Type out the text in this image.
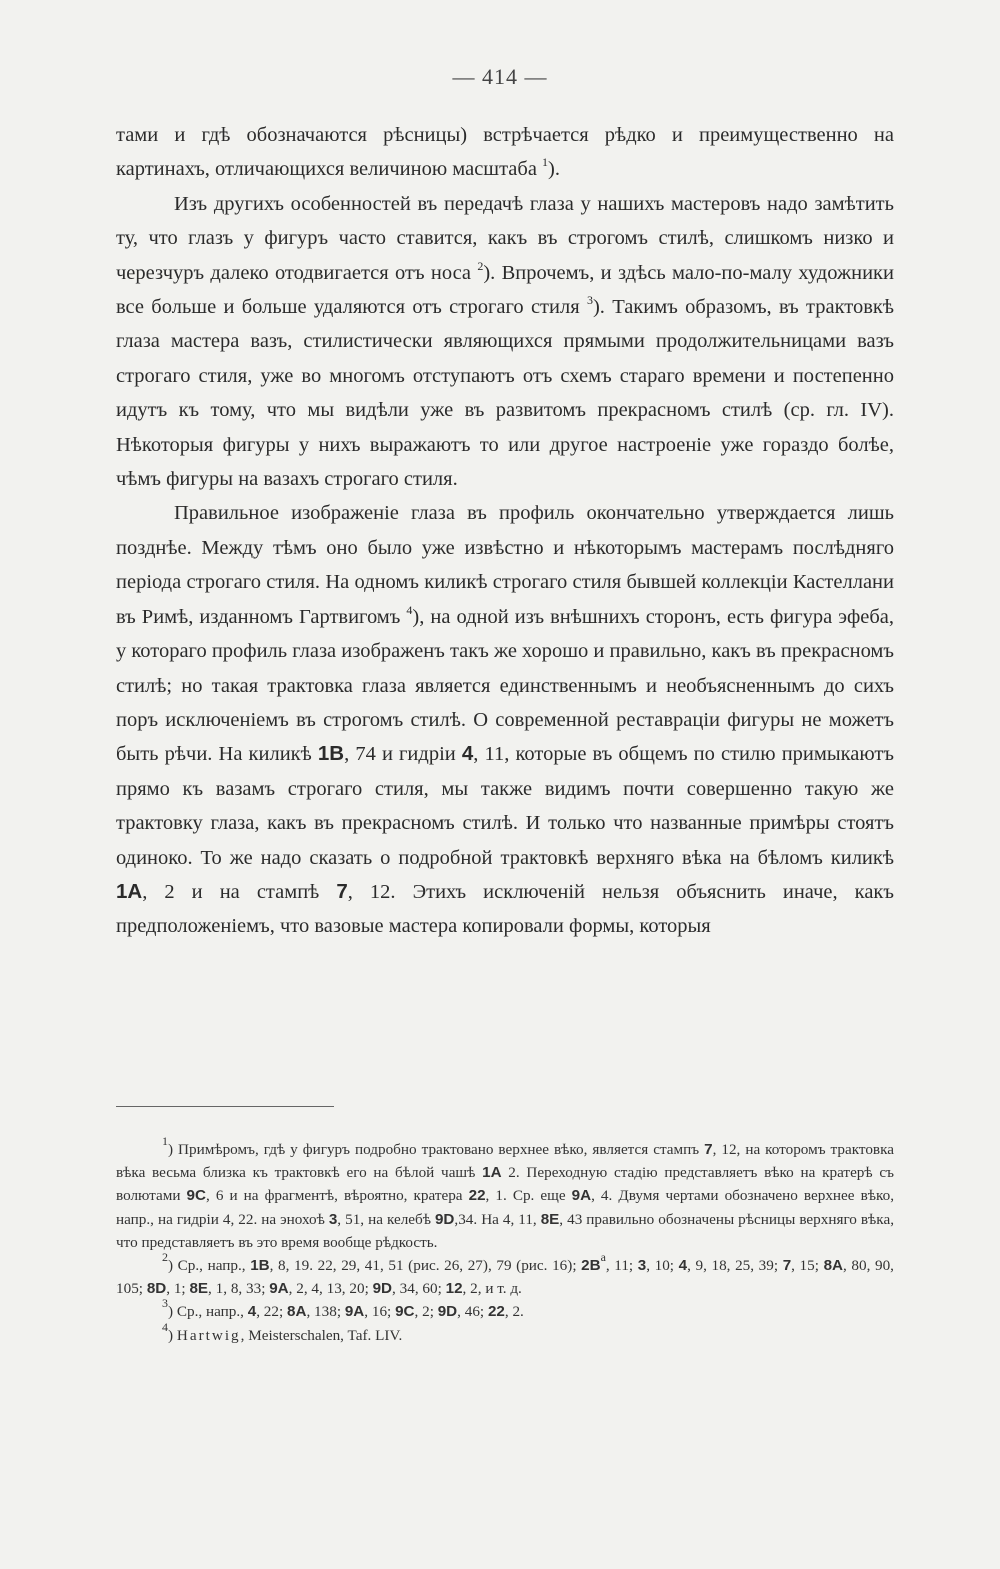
— 414 —

тами и гдѣ обозначаются рѣсницы) встрѣчается рѣдко и преимущественно на картинахъ, отличающихся величиною масштаба $^1$).

Изъ другихъ особенностей въ передачѣ глаза у нашихъ мастеровъ надо замѣтить ту, что глазъ у фигуръ часто ставится, какъ въ строгомъ стилѣ, слишкомъ низко и черезчуръ далеко отодвигается отъ носа $^2$). Впрочемъ, и здѣсь мало-по-малу художники все больше и больше удаляются отъ строгаго стиля $^3$). Такимъ образомъ, въ трактовкѣ глаза мастера вазъ, стилистически являющихся прямыми продолжительницами вазъ строгаго стиля, уже во многомъ отступаютъ отъ схемъ стараго времени и постепенно идутъ къ тому, что мы видѣли уже въ развитомъ прекрасномъ стилѣ (ср. гл. IV). Нѣкоторыя фигуры у нихъ выражаютъ то или другое настроеніе уже гораздо болѣе, чѣмъ фигуры на вазахъ строгаго стиля.

Правильное изображеніе глаза въ профиль окончательно утверждается лишь позднѣе. Между тѣмъ оно было уже извѣстно и нѣкоторымъ мастерамъ послѣдняго періода строгаго стиля. На одномъ киликѣ строгаго стиля бывшей коллекціи Кастеллани въ Римѣ, изданномъ Гартвигомъ $^4$), на одной изъ внѣшнихъ сторонъ, есть фигура эфеба, у котораго профиль глаза изображенъ такъ же хорошо и правильно, какъ въ прекрасномъ стилѣ; но такая трактовка глаза является единственнымъ и необъясненнымъ до сихъ поръ исключеніемъ въ строгомъ стилѣ. О современной реставраціи фигуры не можетъ быть рѣчи. На киликѣ 1B, 74 и гидріи 4, 11, которые въ общемъ по стилю примыкаютъ прямо къ вазамъ строгаго стиля, мы также видимъ почти совершенно такую же трактовку глаза, какъ въ прекрасномъ стилѣ. И только что названные примѣры стоятъ одиноко. То же надо сказать о подробной трактовкѣ верхняго вѣка на бѣломъ киликѣ 1A, 2 и на стампѣ 7, 12. Этихъ исключеній нельзя объяснить иначе, какъ предположеніемъ, что вазовые мастера копировали формы, которыя

$^1$) Примѣромъ, гдѣ у фигуръ подробно трактовано верхнее вѣко, является стампъ 7, 12, на которомъ трактовка вѣка весьма близка къ трактовкѣ его на бѣлой чашѣ 1A 2. Переходную стадію представляетъ вѣко на кратерѣ съ волютами 9C, 6 и на фрагментѣ, вѣроятно, кратера 22, 1. Ср. еще 9A, 4. Двумя чертами обозначено верхнее вѣко, напр., на гидріи 4, 22. на энохоѣ 3, 51, на келебѣ 9D,34. На 4, 11, 8E, 43 правильно обозначены рѣсницы верхняго вѣка, что представляетъ въ это время вообще рѣдкость.

$^2$) Ср., напр., 1B, 8, 19. 22, 29, 41, 51 (рис. 26, 27), 79 (рис. 16); $2B^a$, 11; 3, 10; 4, 9, 18, 25, 39; 7, 15; 8A, 80, 90, 105; 8D, 1; 8E, 1, 8, 33; 9A, 2, 4, 13, 20; 9D, 34, 60; 12, 2, и т. д.

$^3$) Ср., напр., 4, 22; 8A, 138; 9A, 16; 9C, 2; 9D, 46; 22, 2.

$^4$) Hartwig, Meisterschalen, Taf. LIV.
